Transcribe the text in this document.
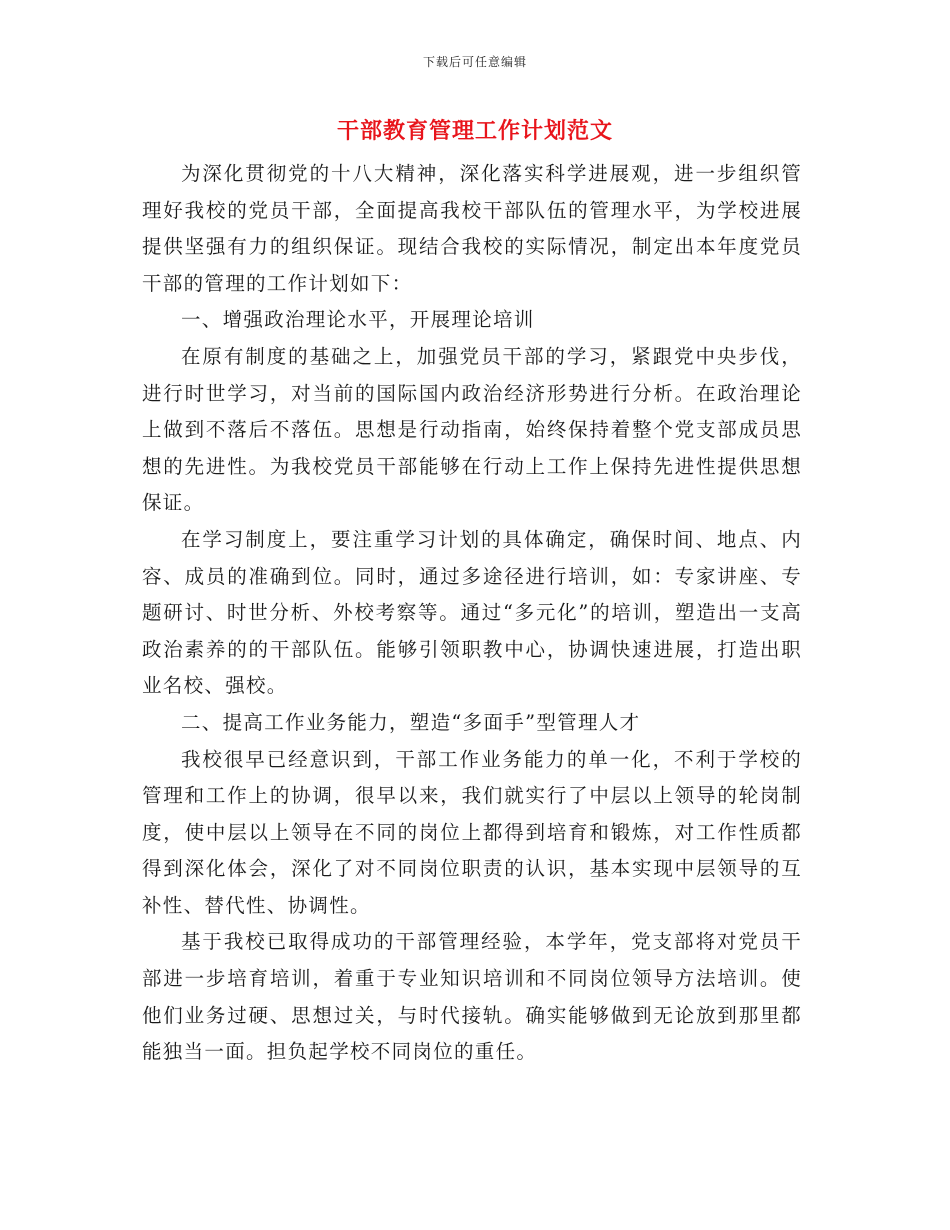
下载后可任意编辑
干部教育管理工作计划范文

为深化贯彻党的十八大精神，深化落实科学进展观，进一步组织管理好我校的党员干部，全面提高我校干部队伍的管理水平，为学校进展提供坚强有力的组织保证。现结合我校的实际情况，制定出本年度党员干部的管理的工作计划如下：

一、增强政治理论水平，开展理论培训

在原有制度的基础之上，加强党员干部的学习，紧跟党中央步伐，进行时世学习，对当前的国际国内政治经济形势进行分析。在政治理论上做到不落后不落伍。思想是行动指南，始终保持着整个党支部成员思想的先进性。为我校党员干部能够在行动上工作上保持先进性提供思想保证。

在学习制度上，要注重学习计划的具体确定，确保时间、地点、内容、成员的准确到位。同时，通过多途径进行培训，如：专家讲座、专题研讨、时世分析、外校考察等。通过“多元化”的培训，塑造出一支高政治素养的的干部队伍。能够引领职教中心，协调快速进展，打造出职业名校、强校。

二、提高工作业务能力，塑造“多面手”型管理人才

我校很早已经意识到，干部工作业务能力的单一化，不利于学校的管理和工作上的协调，很早以来，我们就实行了中层以上领导的轮岗制度，使中层以上领导在不同的岗位上都得到培育和锻炼，对工作性质都得到深化体会，深化了对不同岗位职责的认识，基本实现中层领导的互补性、替代性、协调性。

基于我校已取得成功的干部管理经验，本学年，党支部将对党员干部进一步培育培训，着重于专业知识培训和不同岗位领导方法培训。使他们业务过硬、思想过关，与时代接轨。确实能够做到无论放到那里都能独当一面。担负起学校不同岗位的重任。
